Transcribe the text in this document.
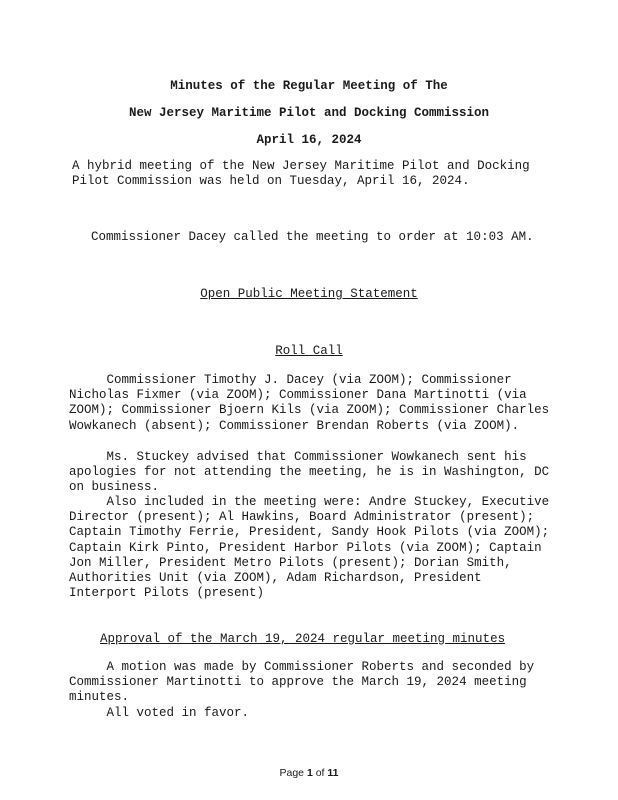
Minutes of the Regular Meeting of The
New Jersey Maritime Pilot and Docking Commission
April 16, 2024
A hybrid meeting of the New Jersey Maritime Pilot and Docking
Pilot Commission was held on Tuesday, April 16, 2024.
Commissioner Dacey called the meeting to order at 10:03 AM.
Open Public Meeting Statement
Roll Call
Commissioner Timothy J. Dacey (via ZOOM); Commissioner
Nicholas Fixmer (via ZOOM); Commissioner Dana Martinotti (via
ZOOM); Commissioner Bjoern Kils (via ZOOM); Commissioner Charles
Wowkanech (absent); Commissioner Brendan Roberts (via ZOOM).
Ms. Stuckey advised that Commissioner Wowkanech sent his
apologies for not attending the meeting, he is in Washington, DC
on business.
Also included in the meeting were: Andre Stuckey, Executive
Director (present); Al Hawkins, Board Administrator (present);
Captain Timothy Ferrie, President, Sandy Hook Pilots (via ZOOM);
Captain Kirk Pinto, President Harbor Pilots (via ZOOM); Captain
Jon Miller, President Metro Pilots (present); Dorian Smith,
Authorities Unit (via ZOOM), Adam Richardson, President
Interport Pilots (present)
Approval of the March 19, 2024 regular meeting minutes
A motion was made by Commissioner Roberts and seconded by
Commissioner Martinotti to approve the March 19, 2024 meeting
minutes.
All voted in favor.
Page 1 of 11
